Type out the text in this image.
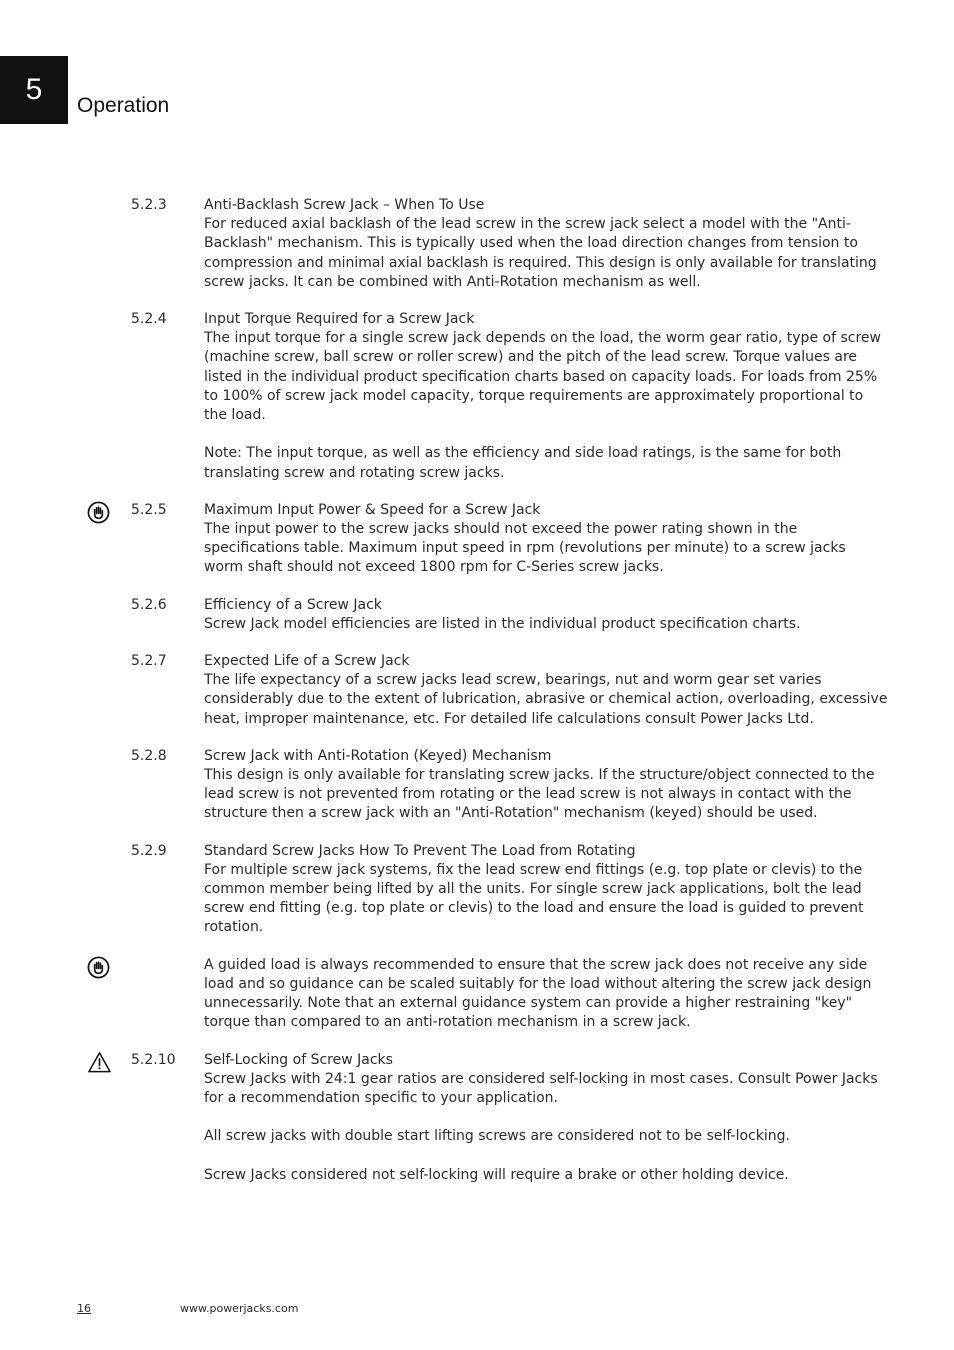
5 Operation
5.2.3	Anti-Backlash Screw Jack – When To Use

For reduced axial backlash of the lead screw in the screw jack select a model with the "Anti-Backlash" mechanism. This is typically used when the load direction changes from tension to compression and minimal axial backlash is required. This design is only available for translating screw jacks. It can be combined with Anti-Rotation mechanism as well.

5.2.4	Input Torque Required for a Screw Jack

The input torque for a single screw jack depends on the load, the worm gear ratio, type of screw (machine screw, ball screw or roller screw) and the pitch of the lead screw. Torque values are listed in the individual product specification charts based on capacity loads. For loads from 25% to 100% of screw jack model capacity, torque requirements are approximately proportional to the load.

Note: The input torque, as well as the efficiency and side load ratings, is the same for both translating screw and rotating screw jacks.

5.2.5	Maximum Input Power & Speed for a Screw Jack

The input power to the screw jacks should not exceed the power rating shown in the specifications table. Maximum input speed in rpm (revolutions per minute) to a screw jacks worm shaft should not exceed 1800 rpm for C-Series screw jacks.

5.2.6	Efficiency of a Screw Jack

Screw Jack model efficiencies are listed in the individual product specification charts.

5.2.7	Expected Life of a Screw Jack

The life expectancy of a screw jacks lead screw, bearings, nut and worm gear set varies considerably due to the extent of lubrication, abrasive or chemical action, overloading, excessive heat, improper maintenance, etc. For detailed life calculations consult Power Jacks Ltd.

5.2.8	Screw Jack with Anti-Rotation (Keyed) Mechanism

This design is only available for translating screw jacks. If the structure/object connected to the lead screw is not prevented from rotating or the lead screw is not always in contact with the structure then a screw jack with an "Anti-Rotation" mechanism (keyed) should be used.

5.2.9	Standard Screw Jacks How To Prevent The Load from Rotating

For multiple screw jack systems, fix the lead screw end fittings (e.g. top plate or clevis) to the common member being lifted by all the units. For single screw jack applications, bolt the lead screw end fitting (e.g. top plate or clevis) to the load and ensure the load is guided to prevent rotation.

A guided load is always recommended to ensure that the screw jack does not receive any side load and so guidance can be scaled suitably for the load without altering the screw jack design unnecessarily. Note that an external guidance system can provide a higher restraining "key" torque than compared to an anti-rotation mechanism in a screw jack.

5.2.10 Self-Locking of Screw Jacks

Screw Jacks with 24:1 gear ratios are considered self-locking in most cases. Consult Power Jacks for a recommendation specific to your application.

All screw jacks with double start lifting screws are considered not to be self-locking.

Screw Jacks considered not self-locking will require a brake or other holding device.

16	www.powerjacks.com
